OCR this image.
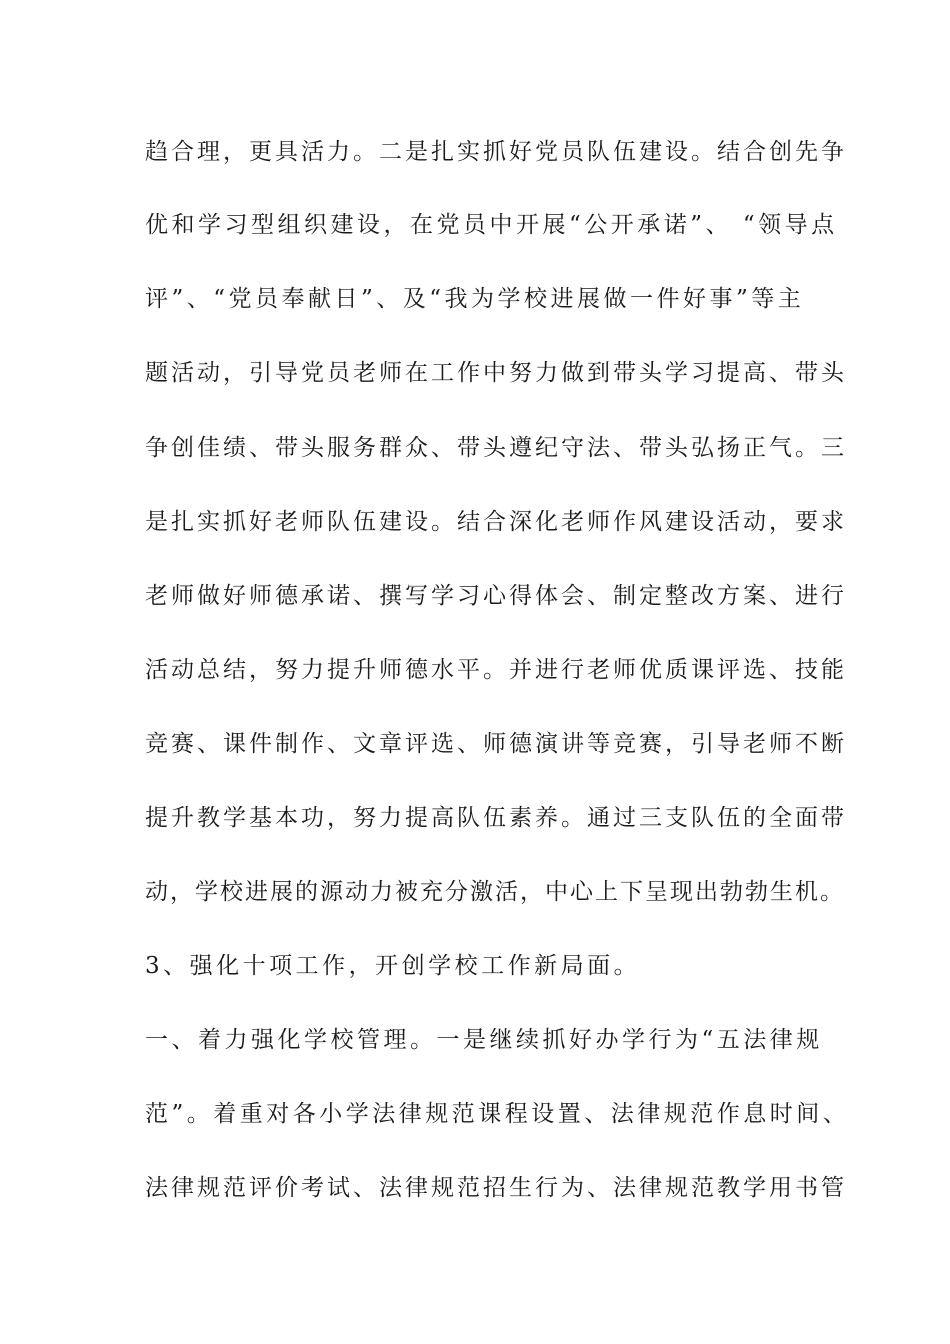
趋合理，更具活力。二是扎实抓好党员队伍建设。结合创先争
优和学习型组织建设，在党员中开展“公开承诺”、 “领导点
评”、“党员奉献日”、及“我为学校进展做一件好事”等主
题活动，引导党员老师在工作中努力做到带头学习提高、带头
争创佳绩、带头服务群众、带头遵纪守法、带头弘扬正气。三
是扎实抓好老师队伍建设。结合深化老师作风建设活动，要求
老师做好师德承诺、撰写学习心得体会、制定整改方案、进行
活动总结，努力提升师德水平。并进行老师优质课评选、技能
竞赛、课件制作、文章评选、师德演讲等竞赛，引导老师不断
提升教学基本功，努力提高队伍素养。通过三支队伍的全面带
动，学校进展的源动力被充分激活，中心上下呈现出勃勃生机。
3、强化十项工作，开创学校工作新局面。
一、着力强化学校管理。一是继续抓好办学行为“五法律规
范”。着重对各小学法律规范课程设置、法律规范作息时间、
法律规范评价考试、法律规范招生行为、法律规范教学用书管
